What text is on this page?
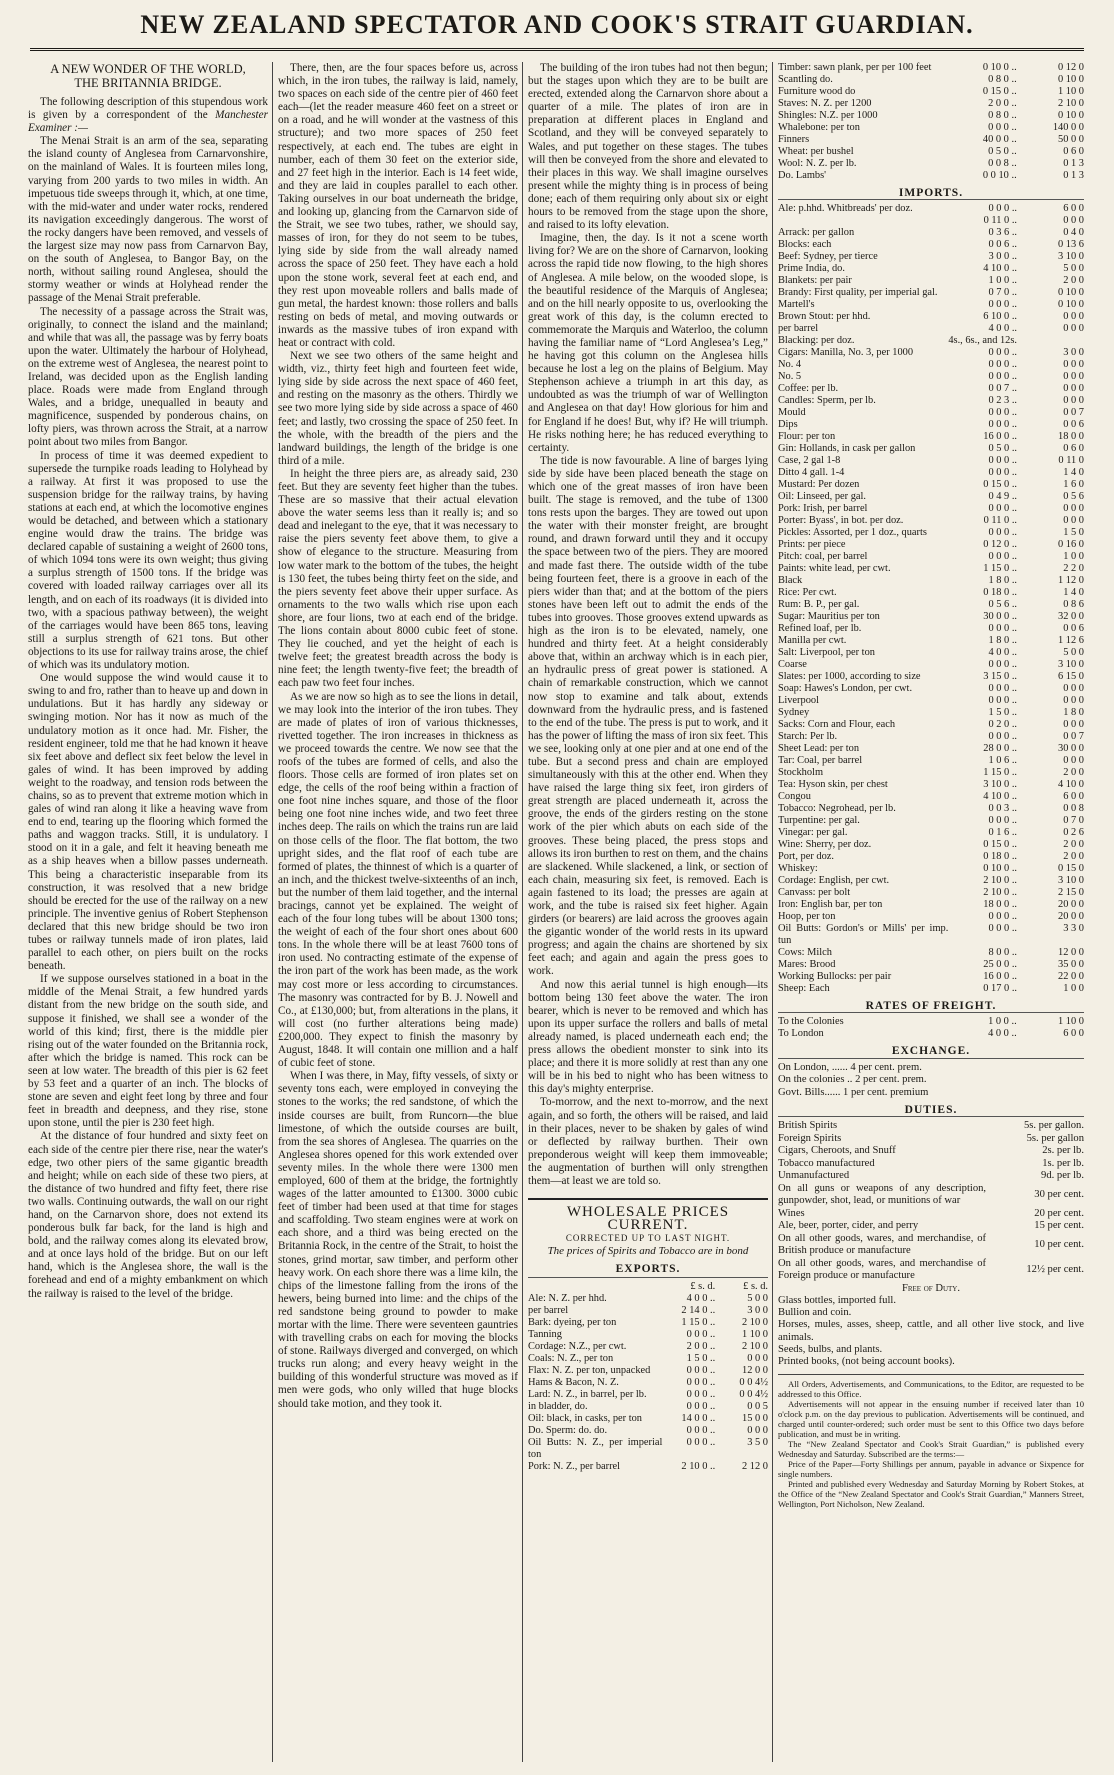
NEW ZEALAND SPECTATOR AND COOK'S STRAIT GUARDIAN.
A NEW WONDER OF THE WORLD,
THE BRITANNIA BRIDGE.

The following description of this stupendous work is given by a correspondent of the Manchester Examiner :—

The Menai Strait is an arm of the sea, separating the island county of Anglesea from Carnarvonshire, on the mainland of Wales. It is fourteen miles long, varying from 200 yards to two miles in width. An impetuous tide sweeps through it, which, at one time, with the mid-water and under water rocks, rendered its navigation exceedingly dangerous. The worst of the rocky dangers have been removed, and vessels of the largest size may now pass from Carnarvon Bay, on the south of Anglesea, to Bangor Bay, on the north, without sailing round Anglesea, should the stormy weather or winds at Holyhead render the passage of the Menai Strait preferable.

The necessity of a passage across the Strait was, originally, to connect the island and the mainland; and while that was all, the passage was by ferry boats upon the water. Ultimately the harbour of Holyhead, on the extreme west of Anglesea, the nearest point to Ireland, was decided upon as the English landing place. Roads were made from England through Wales, and a bridge, unequalled in beauty and magnificence, suspended by ponderous chains, on lofty piers, was thrown across the Strait, at a narrow point about two miles from Bangor.

In process of time it was deemed expedient to supersede the turnpike roads leading to Holyhead by a railway. At first it was proposed to use the suspension bridge for the railway trains, by having stations at each end, at which the locomotive engines would be detached, and between which a stationary engine would draw the trains. The bridge was declared capable of sustaining a weight of 2600 tons, of which 1094 tons were its own weight; thus giving a surplus strength of 1500 tons. If the bridge was covered with loaded railway carriages over all its length, and on each of its roadways (it is divided into two, with a spacious pathway between), the weight of the carriages would have been 865 tons, leaving still a surplus strength of 621 tons. But other objections to its use for railway trains arose, the chief of which was its undulatory motion.

One would suppose the wind would cause it to swing to and fro, rather than to heave up and down in undulations. But it has hardly any sideway or swinging motion. Nor has it now as much of the undulatory motion as it once had. Mr. Fisher, the resident engineer, told me that he had known it heave six feet above and deflect six feet below the level in gales of wind. It has been improved by adding weight to the roadway, and tension rods between the chains, so as to prevent that extreme motion which in gales of wind ran along it like a heaving wave from end to end, tearing up the flooring which formed the paths and waggon tracks. Still, it is undulatory. I stood on it in a gale, and felt it heaving beneath me as a ship heaves when a billow passes underneath. This being a characteristic inseparable from its construction, it was resolved that a new bridge should be erected for the use of the railway on a new principle. The inventive genius of Robert Stephenson declared that this new bridge should be two iron tubes or railway tunnels made of iron plates, laid parallel to each other, on piers built on the rocks beneath.

If we suppose ourselves stationed in a boat in the middle of the Menai Strait, a few hundred yards distant from the new bridge on the south side, and suppose it finished, we shall see a wonder of the world of this kind; first, there is the middle pier rising out of the water founded on the Britannia rock, after which the bridge is named. This rock can be seen at low water. The breadth of this pier is 62 feet by 53 feet and a quarter of an inch. The blocks of stone are seven and eight feet long by three and four feet in breadth and deepness, and they rise, stone upon stone, until the pier is 230 feet high.

At the distance of four hundred and sixty feet on each side of the centre pier there rise, near the water's edge, two other piers of the same gigantic breadth and height; while on each side of these two piers, at the distance of two hundred and fifty feet, there rise two walls. Continuing outwards, the wall on our right hand, on the Carnarvon shore, does not extend its ponderous bulk far back, for the land is high and bold, and the railway comes along its elevated brow, and at once lays hold of the bridge. But on our left hand, which is the Anglesea shore, the wall is the forehead and end of a mighty embankment on which the railway is raised to the level of the bridge.

There, then, are the four spaces before us, across which, in the iron tubes, the railway is laid, namely, two spaces on each side of the centre pier of 460 feet each—(let the reader measure 460 feet on a street or on a road, and he will wonder at the vastness of this structure); and two more spaces of 250 feet respectively, at each end. The tubes are eight in number, each of them 30 feet on the exterior side, and 27 feet high in the interior. Each is 14 feet wide, and they are laid in couples parallel to each other. Taking ourselves in our boat underneath the bridge, and looking up, glancing from the Carnarvon side of the Strait, we see two tubes, rather, we should say, masses of iron, for they do not seem to be tubes, lying side by side from the wall already named across the space of 250 feet. They have each a hold upon the stone work, several feet at each end, and they rest upon moveable rollers and balls made of gun metal, the hardest known: those rollers and balls resting on beds of metal, and moving outwards or inwards as the massive tubes of iron expand with heat or contract with cold.

Next we see two others of the same height and width, viz., thirty feet high and fourteen feet wide, lying side by side across the next space of 460 feet, and resting on the masonry as the others. Thirdly we see two more lying side by side across a space of 460 feet; and lastly, two crossing the space of 250 feet. In the whole, with the breadth of the piers and the landward buildings, the length of the bridge is one third of a mile.

In height the three piers are, as already said, 230 feet. But they are seventy feet higher than the tubes. These are so massive that their actual elevation above the water seems less than it really is; and so dead and inelegant to the eye, that it was necessary to raise the piers seventy feet above them, to give a show of elegance to the structure. Measuring from low water mark to the bottom of the tubes, the height is 130 feet, the tubes being thirty feet on the side, and the piers seventy feet above their upper surface. As ornaments to the two walls which rise upon each shore, are four lions, two at each end of the bridge. The lions contain about 8000 cubic feet of stone. They lie couched, and yet the height of each is twelve feet; the greatest breadth across the body is nine feet; the length twenty-five feet; the breadth of each paw two feet four inches.

As we are now so high as to see the lions in detail, we may look into the interior of the iron tubes. They are made of plates of iron of various thicknesses, rivetted together. The iron increases in thickness as we proceed towards the centre. We now see that the roofs of the tubes are formed of cells, and also the floors. Those cells are formed of iron plates set on edge, the cells of the roof being within a fraction of one foot nine inches square, and those of the floor being one foot nine inches wide, and two feet three inches deep. The rails on which the trains run are laid on those cells of the floor. The flat bottom, the two upright sides, and the flat roof of each tube are formed of plates, the thinnest of which is a quarter of an inch, and the thickest twelve-sixteenths of an inch, but the number of them laid together, and the internal bracings, cannot yet be explained. The weight of each of the four long tubes will be about 1300 tons; the weight of each of the four short ones about 600 tons. In the whole there will be at least 7600 tons of iron used. No contracting estimate of the expense of the iron part of the work has been made, as the work may cost more or less according to circumstances. The masonry was contracted for by B. J. Nowell and Co., at £130,000; but, from alterations in the plans, it will cost (no further alterations being made) £200,000. They expect to finish the masonry by August, 1848. It will contain one million and a half of cubic feet of stone.

When I was there, in May, fifty vessels, of sixty or seventy tons each, were employed in conveying the stones to the works; the red sandstone, of which the inside courses are built, from Runcorn—the blue limestone, of which the outside courses are built, from the sea shores of Anglesea. The quarries on the Anglesea shores opened for this work extended over seventy miles. In the whole there were 1300 men employed, 600 of them at the bridge, the fortnightly wages of the latter amounted to £1300. 3000 cubic feet of timber had been used at that time for stages and scaffolding. Two steam engines were at work on each shore, and a third was being erected on the Britannia Rock, in the centre of the Strait, to hoist the stones, grind mortar, saw timber, and perform other heavy work. On each shore there was a lime kiln, the chips of the limestone falling from the irons of the hewers, being burned into lime: and the chips of the red sandstone being ground to powder to make mortar with the lime. There were seventeen gauntries with travelling crabs on each for moving the blocks of stone. Railways diverged and converged, on which trucks run along; and every heavy weight in the building of this wonderful structure was moved as if men were gods, who only willed that huge blocks should take motion, and they took it.

The building of the iron tubes had not then begun; but the stages upon which they are to be built are erected, extended along the Carnarvon shore about a quarter of a mile. The plates of iron are in preparation at different places in England and Scotland, and they will be conveyed separately to Wales, and put together on these stages. The tubes will then be conveyed from the shore and elevated to their places in this way. We shall imagine ourselves present while the mighty thing is in process of being done; each of them requiring only about six or eight hours to be removed from the stage upon the shore, and raised to its lofty elevation.

Imagine, then, the day. Is it not a scene worth living for? We are on the shore of Carnarvon, looking across the rapid tide now flowing, to the high shores of Anglesea. A mile below, on the wooded slope, is the beautiful residence of the Marquis of Anglesea; and on the hill nearly opposite to us, overlooking the great work of this day, is the column erected to commemorate the Marquis and Waterloo, the column having the familiar name of “Lord Anglesea’s Leg,” he having got this column on the Anglesea hills because he lost a leg on the plains of Belgium. May Stephenson achieve a triumph in art this day, as undoubted as was the triumph of war of Wellington and Anglesea on that day! How glorious for him and for England if he does! But, why if? He will triumph. He risks nothing here; he has reduced everything to certainty.

The tide is now favourable. A line of barges lying side by side have been placed beneath the stage on which one of the great masses of iron have been built. The stage is removed, and the tube of 1300 tons rests upon the barges. They are towed out upon the water with their monster freight, are brought round, and drawn forward until they and it occupy the space between two of the piers. They are moored and made fast there. The outside width of the tube being fourteen feet, there is a groove in each of the piers wider than that; and at the bottom of the piers stones have been left out to admit the ends of the tubes into grooves. Those grooves extend upwards as high as the iron is to be elevated, namely, one hundred and thirty feet. At a height considerably above that, within an archway which is in each pier, an hydraulic press of great power is stationed. A chain of remarkable construction, which we cannot now stop to examine and talk about, extends downward from the hydraulic press, and is fastened to the end of the tube. The press is put to work, and it has the power of lifting the mass of iron six feet. This we see, looking only at one pier and at one end of the tube. But a second press and chain are employed simultaneously with this at the other end. When they have raised the large thing six feet, iron girders of great strength are placed underneath it, across the groove, the ends of the girders resting on the stone work of the pier which abuts on each side of the grooves. These being placed, the press stops and allows its iron burthen to rest on them, and the chains are slackened. While slackened, a link, or section of each chain, measuring six feet, is removed. Each is again fastened to its load; the presses are again at work, and the tube is raised six feet higher. Again girders (or bearers) are laid across the grooves again the gigantic wonder of the world rests in its upward progress; and again the chains are shortened by six feet each; and again and again the press goes to work.

And now this aerial tunnel is high enough—its bottom being 130 feet above the water. The iron bearer, which is never to be removed and which has upon its upper surface the rollers and balls of metal already named, is placed underneath each end; the press allows the obedient monster to sink into its place; and there it is more solidly at rest than any one will be in his bed to night who has been witness to this day's mighty enterprise.

To-morrow, and the next to-morrow, and the next again, and so forth, the others will be raised, and laid in their places, never to be shaken by gales of wind or deflected by railway burthen. Their own preponderous weight will keep them immoveable; the augmentation of burthen will only strengthen them—at least we are told so.

WHOLESALE PRICES CURRENT.
CORRECTED UP TO LAST NIGHT.
The prices of Spirits and Tobacco are in bond
EXPORTS.
	£ s. d.	£ s. d.
Ale: N. Z. per hhd.	4 0 0 ..	5 0 0
per barrel	2 14 0 ..	3 0 0
Bark: dyeing, per ton	1 15 0 ..	2 10 0
Tanning	0 0 0 ..	1 10 0
Cordage: N.Z., per cwt.	2 0 0 ..	2 10 0
Coals: N. Z., per ton	1 5 0 ..	0 0 0
Flax: N. Z. per ton, unpacked	0 0 0 ..	12 0 0
Hams & Bacon, N. Z.	0 0 0 ..	0 0 4½
Lard: N. Z., in barrel, per lb.	0 0 0 ..	0 0 4½
in bladder, do.	0 0 0 ..	0 0 5
Oil: black, in casks, per ton	14 0 0 ..	15 0 0
Do. Sperm: do. do.	0 0 0 ..	0 0 0
Oil Butts: N. Z., per imperial ton	0 0 0 ..	3 5 0
Pork: N. Z., per barrel	2 10 0 ..	2 12 0
Timber: sawn plank, per per 100 feet	0 10 0 ..	0 12 0
Scantling do.	0 8 0 ..	0 10 0
Furniture wood do	0 15 0 ..	1 10 0
Staves: N. Z. per 1200	2 0 0 ..	2 10 0
Shingles: N.Z. per 1000	0 8 0 ..	0 10 0
Whalebone: per ton	0 0 0 ..	140 0 0
Finners	40 0 0 ..	50 0 0
Wheat: per bushel	0 5 0 ..	0 6 0
Wool: N. Z. per lb.	0 0 8 ..	0 1 3
Do. Lambs'	0 0 10 ..	0 1 3
IMPORTS.
Ale: p.hhd. Whitbreads' per doz.	0 0 0 ..	6 0 0
	0 11 0 ..	0 0 0
Arrack: per gallon	0 3 6 ..	0 4 0
Blocks: each	0 0 6 ..	0 13 6
Beef: Sydney, per tierce	3 0 0 ..	3 10 0
Prime India, do.	4 10 0 ..	5 0 0
Blankets: per pair	1 0 0 ..	2 0 0
Brandy: First quality, per imperial gal.	0 7 0 ..	0 10 0
Martell's	0 0 0 ..	0 10 0
Brown Stout: per hhd.	6 10 0 ..	0 0 0
per barrel	4 0 0 ..	0 0 0
Blacking: per doz.	4s., 6s., and 12s.	
Cigars: Manilla, No. 3, per 1000	0 0 0 ..	3 0 0
No. 4	0 0 0 ..	0 0 0
No. 5	0 0 0 ..	0 0 0
Coffee: per lb.	0 0 7 ..	0 0 0
Candles: Sperm, per lb.	0 2 3 ..	0 0 0
Mould	0 0 0 ..	0 0 7
Dips	0 0 0 ..	0 0 6
Flour: per ton	16 0 0 ..	18 0 0
Gin: Hollands, in cask per gallon	0 5 0 ..	0 6 0
Case, 2 gal 1-8	0 0 0 ..	0 11 0
Ditto 4 gall. 1-4	0 0 0 ..	1 4 0
Mustard: Per dozen	0 15 0 ..	1 6 0
Oil: Linseed, per gal.	0 4 9 ..	0 5 6
Pork: Irish, per barrel	0 0 0 ..	0 0 0
Porter: Byass', in bot. per doz.	0 11 0 ..	0 0 0
Pickles: Assorted, per 1 doz., quarts	0 0 0 ..	1 5 0
Prints: per piece	0 12 0 ..	0 16 0
Pitch: coal, per barrel	0 0 0 ..	1 0 0
Paints: white lead, per cwt.	1 15 0 ..	2 2 0
Black	1 8 0 ..	1 12 0
Rice: Per cwt.	0 18 0 ..	1 4 0
Rum: B. P., per gal.	0 5 6 ..	0 8 6
Sugar: Mauritius per ton	30 0 0 ..	32 0 0
Refined loaf, per lb.	0 0 0 ..	0 0 6
Manilla per cwt.	1 8 0 ..	1 12 6
Salt: Liverpool, per ton	4 0 0 ..	5 0 0
Coarse	0 0 0 ..	3 10 0
Slates: per 1000, according to size	3 15 0 ..	6 15 0
Soap: Hawes's London, per cwt.	0 0 0 ..	0 0 0
Liverpool	0 0 0 ..	0 0 0
Sydney	1 5 0 ..	1 8 0
Sacks: Corn and Flour, each	0 2 0 ..	0 0 0
Starch: Per lb.	0 0 0 ..	0 0 7
Sheet Lead: per ton	28 0 0 ..	30 0 0
Tar: Coal, per barrel	1 0 6 ..	0 0 0
Stockholm	1 15 0 ..	2 0 0
Tea: Hyson skin, per chest	3 10 0 ..	4 10 0
Congou	4 10 0 ..	6 0 0
Tobacco: Negrohead, per lb.	0 0 3 ..	0 0 8
Turpentine: per gal.	0 0 0 ..	0 7 0
Vinegar: per gal.	0 1 6 ..	0 2 6
Wine: Sherry, per doz.	0 15 0 ..	2 0 0
Port, per doz.	0 18 0 ..	2 0 0
Whiskey:	0 10 0 ..	0 15 0
Cordage: English, per cwt.	2 10 0 ..	3 10 0
Canvass: per bolt	2 10 0 ..	2 15 0
Iron: English bar, per ton	18 0 0 ..	20 0 0
Hoop, per ton	0 0 0 ..	20 0 0
Oil Butts: Gordon's or Mills' per imp. tun	0 0 0 ..	3 3 0
Cows: Milch	8 0 0 ..	12 0 0
Mares: Brood	25 0 0 ..	35 0 0
Working Bullocks: per pair	16 0 0 ..	22 0 0
Sheep: Each	0 17 0 ..	1 0 0
RATES OF FREIGHT.
To the Colonies	1 0 0 ..	1 10 0
To London	4 0 0 ..	6 0 0
EXCHANGE.
On London, ...... 4 per cent. prem.
On the colonies .. 2 per cent. prem.
Govt. Bills...... 1 per cent. premium
DUTIES.
British Spirits	5s. per gallon.
Foreign Spirits	5s. per gallon
Cigars, Cheroots, and Snuff	2s. per lb.
Tobacco manufactured	1s. per lb.
Unmanufactured	9d. per lb.
On all guns or weapons of any description, gunpowder, shot, lead, or munitions of war
30 per cent.
Wines	20 per cent.
Ale, beer, porter, cider, and perry	15 per cent.
On all other goods, wares, and merchandise, of British produce or manufacture
10 per cent.
On all other goods, wares, and merchandise of Foreign produce or manufacture
12½ per cent.
Free of Duty.
Glass bottles, imported full.
Bullion and coin.
Horses, mules, asses, sheep, cattle, and all other live stock, and live animals.
Seeds, bulbs, and plants.
Printed books, (not being account books).

All Orders, Advertisements, and Communications, to the Editor, are requested to be addressed to this Office.

Advertisements will not appear in the ensuing number if received later than 10 o'clock p.m. on the day previous to publication. Advertisements will be continued, and charged until counter-ordered; such order must be sent to this Office two days before publication, and must be in writing.

The “New Zealand Spectator and Cook's Strait Guardian,” is published every Wednesday and Saturday. Subscribed are the terms:—

Price of the Paper—Forty Shillings per annum, payable in advance or Sixpence for single numbers.

Printed and published every Wednesday and Saturday Morning by Robert Stokes, at the Office of the “New Zealand Spectator and Cook's Strait Guardian,” Manners Street, Wellington, Port Nicholson, New Zealand.
